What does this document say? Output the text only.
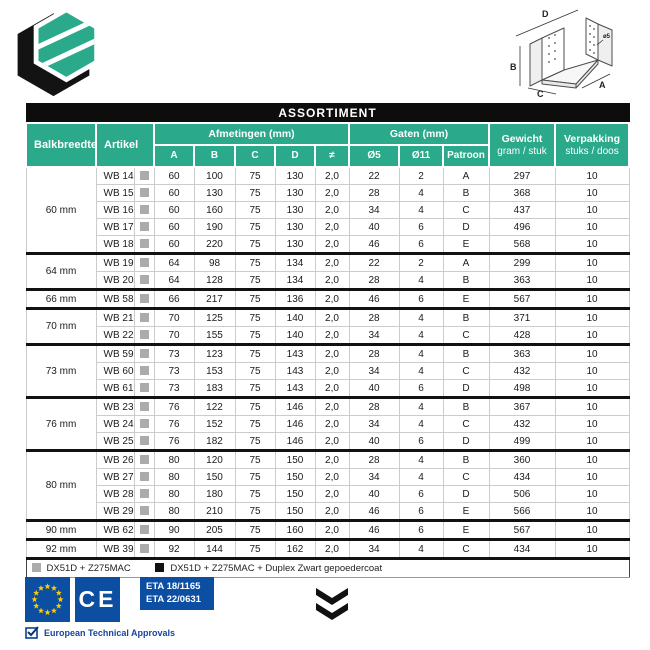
D
B
C
A
ø5
ASSORTIMENT												
Balkbreedte	Artikel		Afmetingen (mm)					Gaten (mm)			Gewicht
gram / stuk	Verpakking
stuks / doos

			A	B	C	D	≠	Ø5	Ø11	Patroon		
60 mm	WB 14		60	100	75	130	2,0	22	2	A	297	10
	WB 15		60	130	75	130	2,0	28	4	B	368	10
	WB 16		60	160	75	130	2,0	34	4	C	437	10
	WB 17		60	190	75	130	2,0	40	6	D	496	10
	WB 18		60	220	75	130	2,0	46	6	E	568	10
64 mm	WB 19		64	98	75	134	2,0	22	2	A	299	10
	WB 20		64	128	75	134	2,0	28	4	B	363	10
66 mm	WB 58		66	217	75	136	2,0	46	6	E	567	10
70 mm	WB 21		70	125	75	140	2,0	28	4	B	371	10
	WB 22		70	155	75	140	2,0	34	4	C	428	10
73 mm	WB 59		73	123	75	143	2,0	28	4	B	363	10
	WB 60		73	153	75	143	2,0	34	4	C	432	10
	WB 61		73	183	75	143	2,0	40	6	D	498	10
76 mm	WB 23		76	122	75	146	2,0	28	4	B	367	10
	WB 24		76	152	75	146	2,0	34	4	C	432	10
	WB 25		76	182	75	146	2,0	40	6	D	499	10
80 mm	WB 26		80	120	75	150	2,0	28	4	B	360	10
	WB 27		80	150	75	150	2,0	34	4	C	434	10
	WB 28		80	180	75	150	2,0	40	6	D	506	10
	WB 29		80	210	75	150	2,0	46	6	E	566	10
90 mm	WB 62		90	205	75	160	2,0	46	6	E	567	10
92 mm	WB 39		92	144	75	162	2,0	34	4	C	434	10
DX51D + Z275MAC DX51D + Z275MAC + Duplex Zwart gepoedercoat												
CE	ETA 18/1165
ETA 22/0631
European Technical Approvals
